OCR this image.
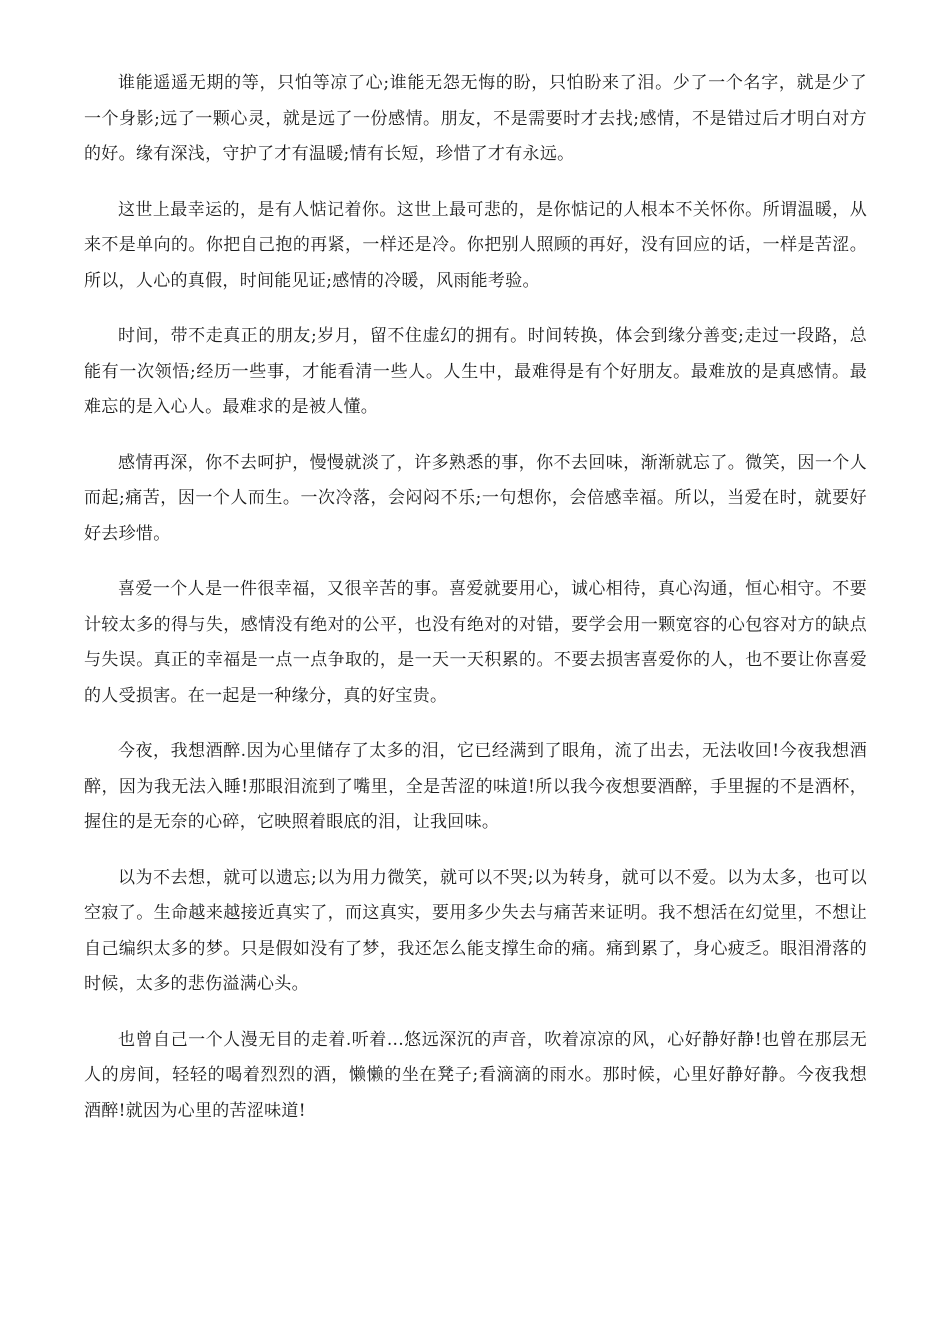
谁能遥遥无期的等，只怕等凉了心;谁能无怨无悔的盼，只怕盼来了泪。少了一个名字，就是少了一个身影;远了一颗心灵，就是远了一份感情。朋友，不是需要时才去找;感情，不是错过后才明白对方的好。缘有深浅，守护了才有温暖;情有长短，珍惜了才有永远。

这世上最幸运的，是有人惦记着你。这世上最可悲的，是你惦记的人根本不关怀你。所谓温暖，从来不是单向的。你把自己抱的再紧，一样还是冷。你把别人照顾的再好，没有回应的话，一样是苦涩。所以，人心的真假，时间能见证;感情的冷暖，风雨能考验。

时间，带不走真正的朋友;岁月，留不住虚幻的拥有。时间转换，体会到缘分善变;走过一段路，总能有一次领悟;经历一些事，才能看清一些人。人生中，最难得是有个好朋友。最难放的是真感情。最难忘的是入心人。最难求的是被人懂。

感情再深，你不去呵护，慢慢就淡了，许多熟悉的事，你不去回味，渐渐就忘了。微笑，因一个人而起;痛苦，因一个人而生。一次冷落，会闷闷不乐;一句想你，会倍感幸福。所以，当爱在时，就要好好去珍惜。

喜爱一个人是一件很幸福，又很辛苦的事。喜爱就要用心，诚心相待，真心沟通，恒心相守。不要计较太多的得与失，感情没有绝对的公平，也没有绝对的对错，要学会用一颗宽容的心包容对方的缺点与失误。真正的幸福是一点一点争取的，是一天一天积累的。不要去损害喜爱你的人，也不要让你喜爱的人受损害。在一起是一种缘分，真的好宝贵。

今夜，我想酒醉.因为心里储存了太多的泪，它已经满到了眼角，流了出去，无法收回!今夜我想酒醉，因为我无法入睡!那眼泪流到了嘴里，全是苦涩的味道!所以我今夜想要酒醉，手里握的不是酒杯，握住的是无奈的心碎，它映照着眼底的泪，让我回味。

以为不去想，就可以遗忘;以为用力微笑，就可以不哭;以为转身，就可以不爱。以为太多，也可以空寂了。生命越来越接近真实了，而这真实，要用多少失去与痛苦来证明。我不想活在幻觉里，不想让自己编织太多的梦。只是假如没有了梦，我还怎么能支撑生命的痛。痛到累了，身心疲乏。眼泪滑落的时候，太多的悲伤溢满心头。

也曾自己一个人漫无目的走着.听着...悠远深沉的声音，吹着凉凉的风，心好静好静!也曾在那层无人的房间，轻轻的喝着烈烈的酒，懒懒的坐在凳子;看滴滴的雨水。那时候，心里好静好静。今夜我想酒醉!就因为心里的苦涩味道!
